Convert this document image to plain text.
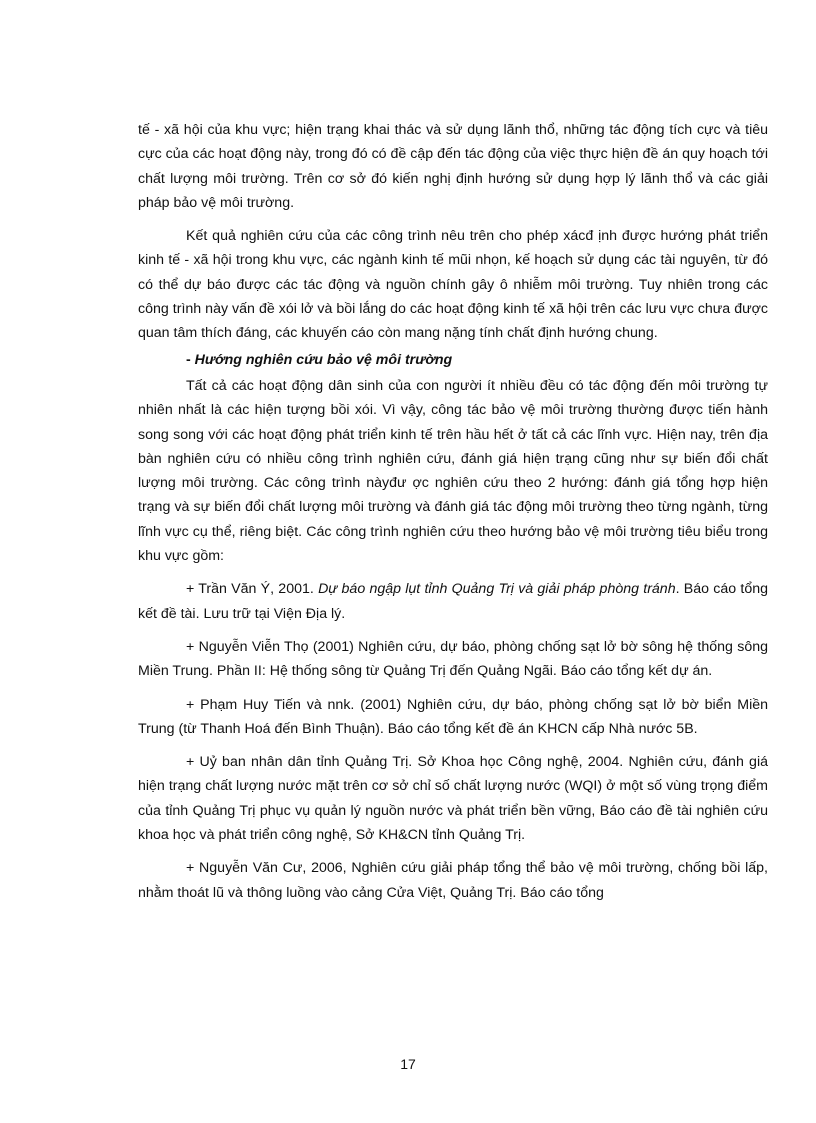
tế - xã hội của khu vực; hiện trạng khai thác và sử dụng lãnh thổ, những tác động tích cực và tiêu cực của các hoạt động này, trong đó có đề cập đến tác động của việc thực hiện đề án quy hoạch tới chất lượng môi trường. Trên cơ sở đó kiến nghị định hướng sử dụng hợp lý lãnh thổ và các giải pháp bảo vệ môi trường.

Kết quả nghiên cứu của các công trình nêu trên cho phép xácđ ịnh được hướng phát triển kinh tế - xã hội trong khu vực, các ngành kinh tế mũi nhọn, kế hoạch sử dụng các tài nguyên, từ đó có thể dự báo được các tác động và nguồn chính gây ô nhiễm môi trường. Tuy nhiên trong các công trình này vấn đề xói lở và bồi lắng do các hoạt động kinh tế xã hội trên các lưu vực chưa được quan tâm thích đáng, các khuyến cáo còn mang nặng tính chất định hướng chung.

- Hướng nghiên cứu bảo vệ môi trường

Tất cả các hoạt động dân sinh của con người ít nhiều đều có tác động đến môi trường tự nhiên nhất là các hiện tượng bồi xói. Vì vậy, công tác bảo vệ môi trường thường được tiến hành song song với các hoạt động phát triển kinh tế trên hầu hết ở tất cả các lĩnh vực. Hiện nay, trên địa bàn nghiên cứu có nhiều công trình nghiên cứu, đánh giá hiện trạng cũng như sự biến đổi chất lượng môi trường. Các công trình nàyđư ợc nghiên cứu theo 2 hướng: đánh giá tổng hợp hiện trạng và sự biến đổi chất lượng môi trường và đánh giá tác động môi trường theo từng ngành, từng lĩnh vực cụ thể, riêng biệt. Các công trình nghiên cứu theo hướng bảo vệ môi trường tiêu biểu trong khu vực gồm:

+ Trần Văn Ý, 2001. Dự báo ngập lụt tỉnh Quảng Trị và giải pháp phòng tránh. Báo cáo tổng kết đề tài. Lưu trữ tại Viện Địa lý.

+ Nguyễn Viễn Thọ (2001) Nghiên cứu, dự báo, phòng chống sạt lở bờ sông hệ thống sông Miền Trung. Phần II: Hệ thống sông từ Quảng Trị đến Quảng Ngãi. Báo cáo tổng kết dự án.

+ Phạm Huy Tiến và nnk. (2001) Nghiên cứu, dự báo, phòng chống sạt lở bờ biển Miền Trung (từ Thanh Hoá đến Bình Thuận). Báo cáo tổng kết đề án KHCN cấp Nhà nước 5B.

+ Uỷ ban nhân dân tỉnh Quảng Trị. Sở Khoa học Công nghệ, 2004. Nghiên cứu, đánh giá hiện trạng chất lượng nước mặt trên cơ sở chỉ số chất lượng nước (WQI) ở một số vùng trọng điểm của tỉnh Quảng Trị phục vụ quản lý nguồn nước và phát triển bền vững, Báo cáo đề tài nghiên cứu khoa học và phát triển công nghệ, Sở KH&CN tỉnh Quảng Trị.

+ Nguyễn Văn Cư, 2006, Nghiên cứu giải pháp tổng thể bảo vệ môi trường, chống bồi lấp, nhằm thoát lũ và thông luồng vào cảng Cửa Việt, Quảng Trị. Báo cáo tổng

17
